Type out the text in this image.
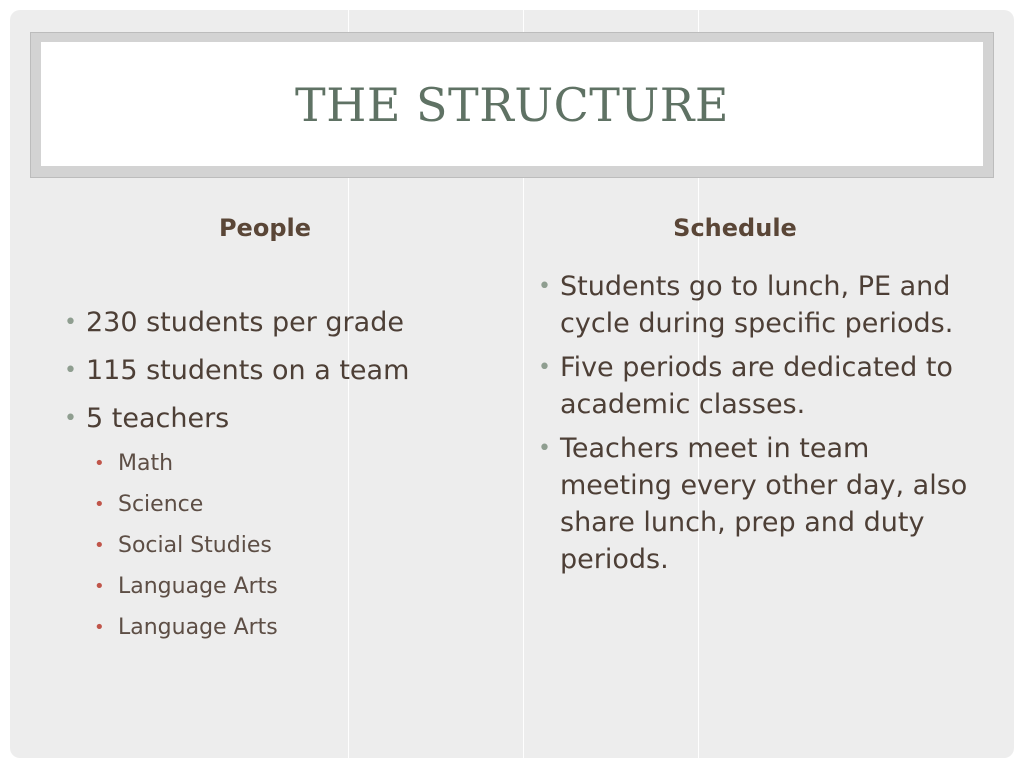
THE STRUCTURE
People	Schedule
• 230 students per grade
• 115 students on a team
• 5 teachers
• Math
• Science
• Social Studies
• Language Arts
• Language Arts
• Students go to lunch, PE and cycle during specific periods.
• Five periods are dedicated to academic classes.
• Teachers meet in team meeting every other day, also share lunch, prep and duty periods.
